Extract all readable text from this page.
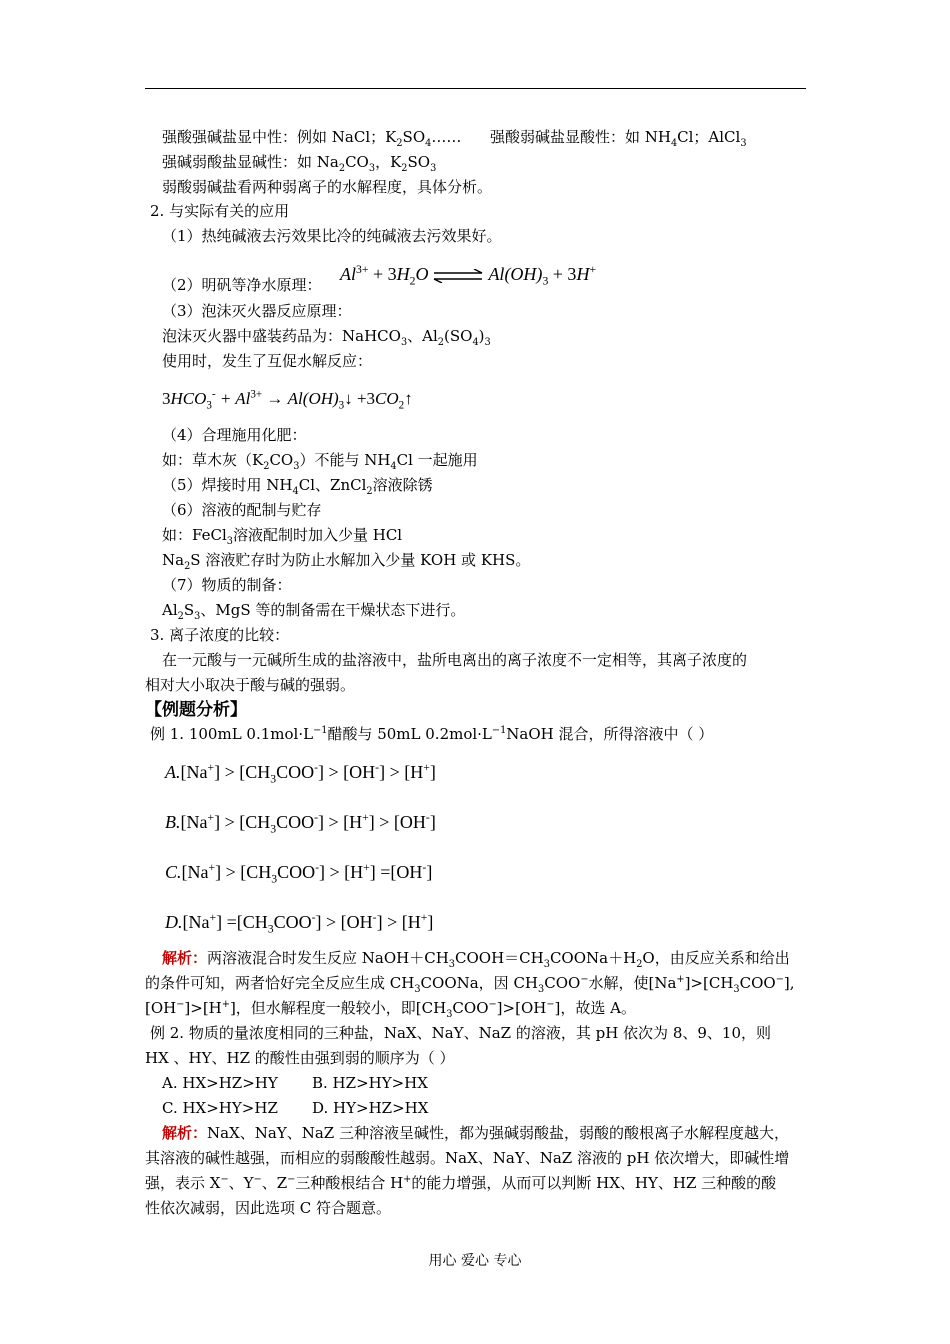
强酸强碱盐显中性：例如 NaCl；$K_2SO_4\dots\dots$ 强酸弱碱盐显酸性：如 $NH_4Cl$；AlCl$_3$
强碱弱酸盐显碱性：如 $Na_2CO_3$，$K_2SO_3$
弱酸弱碱盐看两种弱离子的水解程度，具体分析。
2. 与实际有关的应用
（1）热纯碱液去污效果比冷的纯碱液去污效果好。
（2）明矾等净水原理：
$Al^{3+} + 3H_2O$ ⇌ $Al(OH)_3 + 3H^+$
（3）泡沫灭火器反应原理：
泡沫灭火器中盛装药品为：NaHCO$_3$、$Al_2(SO_4)_3$
使用时，发生了互促水解反应：
$3HCO_3^- + Al^{3+}$ → $Al(OH)_3↓$ $+3CO_2↑$
（4）合理施用化肥：
如：草木灰$(K_2CO_3)$不能与 $NH_4Cl$ 一起施用
（5）焊接时用 $NH_4Cl$、ZnCl$_2$溶液除锈
（6）溶液的配制与贮存
如：FeCl$_3$溶液配制时加入少量 HCl
$Na_2S$ 溶液贮存时为防止水解加入少量 KOH 或 KHS。
（7）物质的制备：
$Al_2S_3$、MgS 等的制备需在干燥状态下进行。
3. 离子浓度的比较：
在一元酸与一元碱所生成的盐溶液中，盐所电离出的离子浓度不一定相等，其离子浓度的
相对大小取决于酸与碱的强弱。
【例题分析】
例 1. 100mL $0.1mol\cdot L^{-1}$醋酸与 50mL $0.2mol\cdot L^{-1}NaOH$ 混合，所得溶液中（ ）
$A.[Na^+] > [CH_3COO^-] > [OH^-] > [H^+]$
$B.[Na^+] > [CH_3COO^-] > [H^+] > [OH^-]$
$C.[Na^+] > [CH_3COO^-] > [H^+] =[OH^-]$
$D.[Na^+] =[CH_3COO^-] > [OH^-] > [H^+]$
解析：两溶液混合时发生反应 $NaOH+CH_3COOH=CH_3COONa+H_2O$，由反应关系和给出
的条件可知，两者恰好完全反应生成 $CH_3COONa$，因 $CH_3COO^-$水解，使$[Na^+]>[CH_3COO^-]$,
[OH−]>[H+]，但水解程度一般较小，即$[CH_3COO^-]>[OH^-]$，故选 A。
例 2. 物质的量浓度相同的三种盐，NaX、NaY、NaZ 的溶液，其 pH 依次为 8、9、10，则
HX 、HY、HZ 的酸性由强到弱的顺序为（ ）
A. HX>HZ>HY B. HZ>HY>HX
C. HX>HY>HZ D. HY>HZ>HX
解析：NaX、NaY、NaZ 三种溶液呈碱性，都为强碱弱酸盐，弱酸的酸根离子水解程度越大，
其溶液的碱性越强，而相应的弱酸酸性越弱。NaX、NaY、NaZ 溶液的 pH 依次增大，即碱性增
强，表示 X−、Y−、Z−三种酸根结合 H+的能力增强，从而可以判断 HX、HY、HZ 三种酸的酸
性依次减弱，因此选项 C 符合题意。
用心 爱心 专心
